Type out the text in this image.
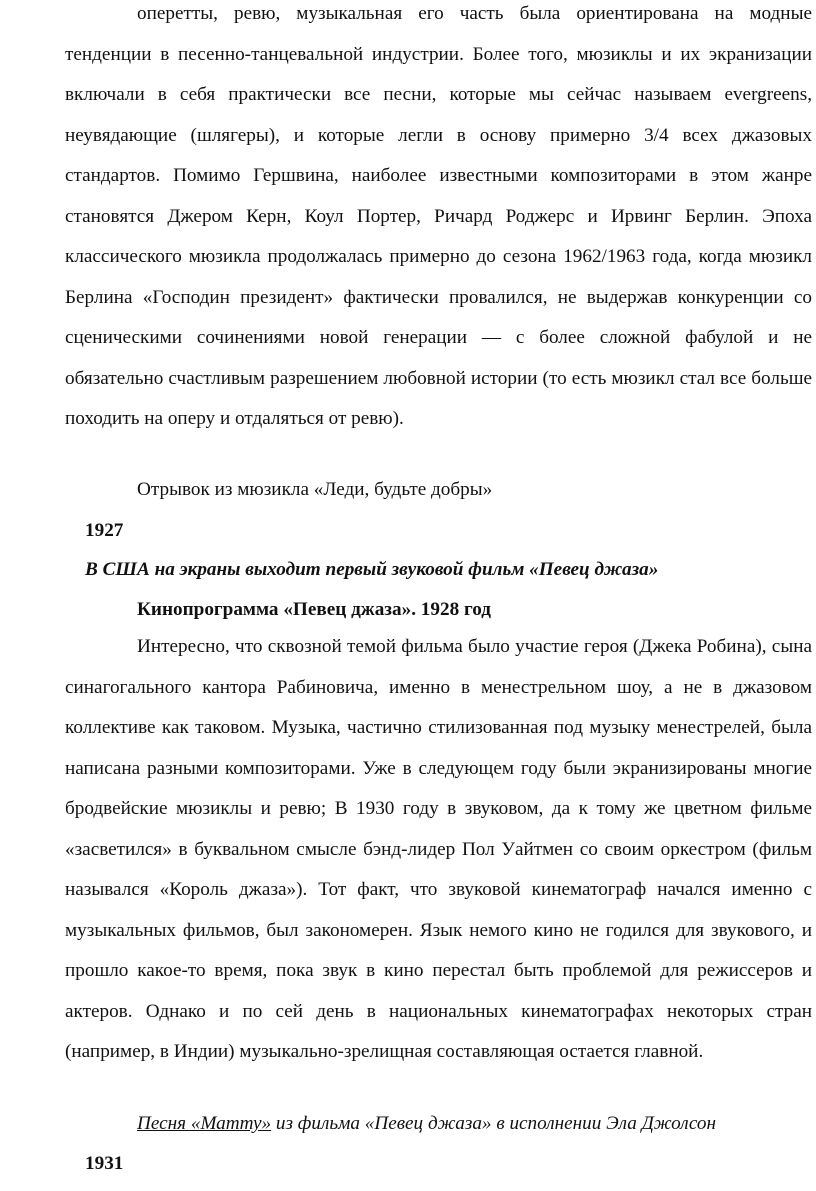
оперетты, ревю, музыкальная его часть была ориентирована на модные тенденции в песенно-танцевальной индустрии. Более того, мюзиклы и их экранизации включали в себя практически все песни, которые мы сейчас называем evergreens, неувядающие (шлягеры), и которые легли в основу примерно 3/4 всех джазовых стандартов. Помимо Гершвина, наиболее известными композиторами в этом жанре становятся Джером Керн, Коул Портер, Ричард Роджерс и Ирвинг Берлин. Эпоха классического мюзикла продолжалась примерно до сезона 1962/1963 года, когда мюзикл Берлина «Господин президент» фактически провалился, не выдержав конкуренции со сценическими сочинениями новой генерации — с более сложной фабулой и не обязательно счастливым разрешением любовной истории (то есть мюзикл стал все больше походить на оперу и отдаляться от ревю).

Отрывок из мюзикла «Леди, будьте добры»
1927
В США на экраны выходит первый звуковой фильм «Певец джаза»
Кинопрограмма «Певец джаза». 1928 год

Интересно, что сквозной темой фильма было участие героя (Джека Робина), сына синагогального кантора Рабиновича, именно в менестрельном шоу, а не в джазовом коллективе как таковом. Музыка, частично стилизованная под музыку менестрелей, была написана разными композиторами. Уже в следующем году были экранизированы многие бродвейские мюзиклы и ревю; В 1930 году в звуковом, да к тому же цветном фильме «засветился» в буквальном смысле бэнд-лидер Пол Уайтмен со своим оркестром (фильм назывался «Король джаза»). Тот факт, что звуковой кинематограф начался именно с музыкальных фильмов, был закономерен. Язык немого кино не годился для звукового, и прошло какое-то время, пока звук в кино перестал быть проблемой для режиссеров и актеров. Однако и по сей день в национальных кинематографах некоторых стран (например, в Индии) музыкально-зрелищная составляющая остается главной.

Песня «Матту» из фильма «Певец джаза» в исполнении Эла Джолсон
1931
